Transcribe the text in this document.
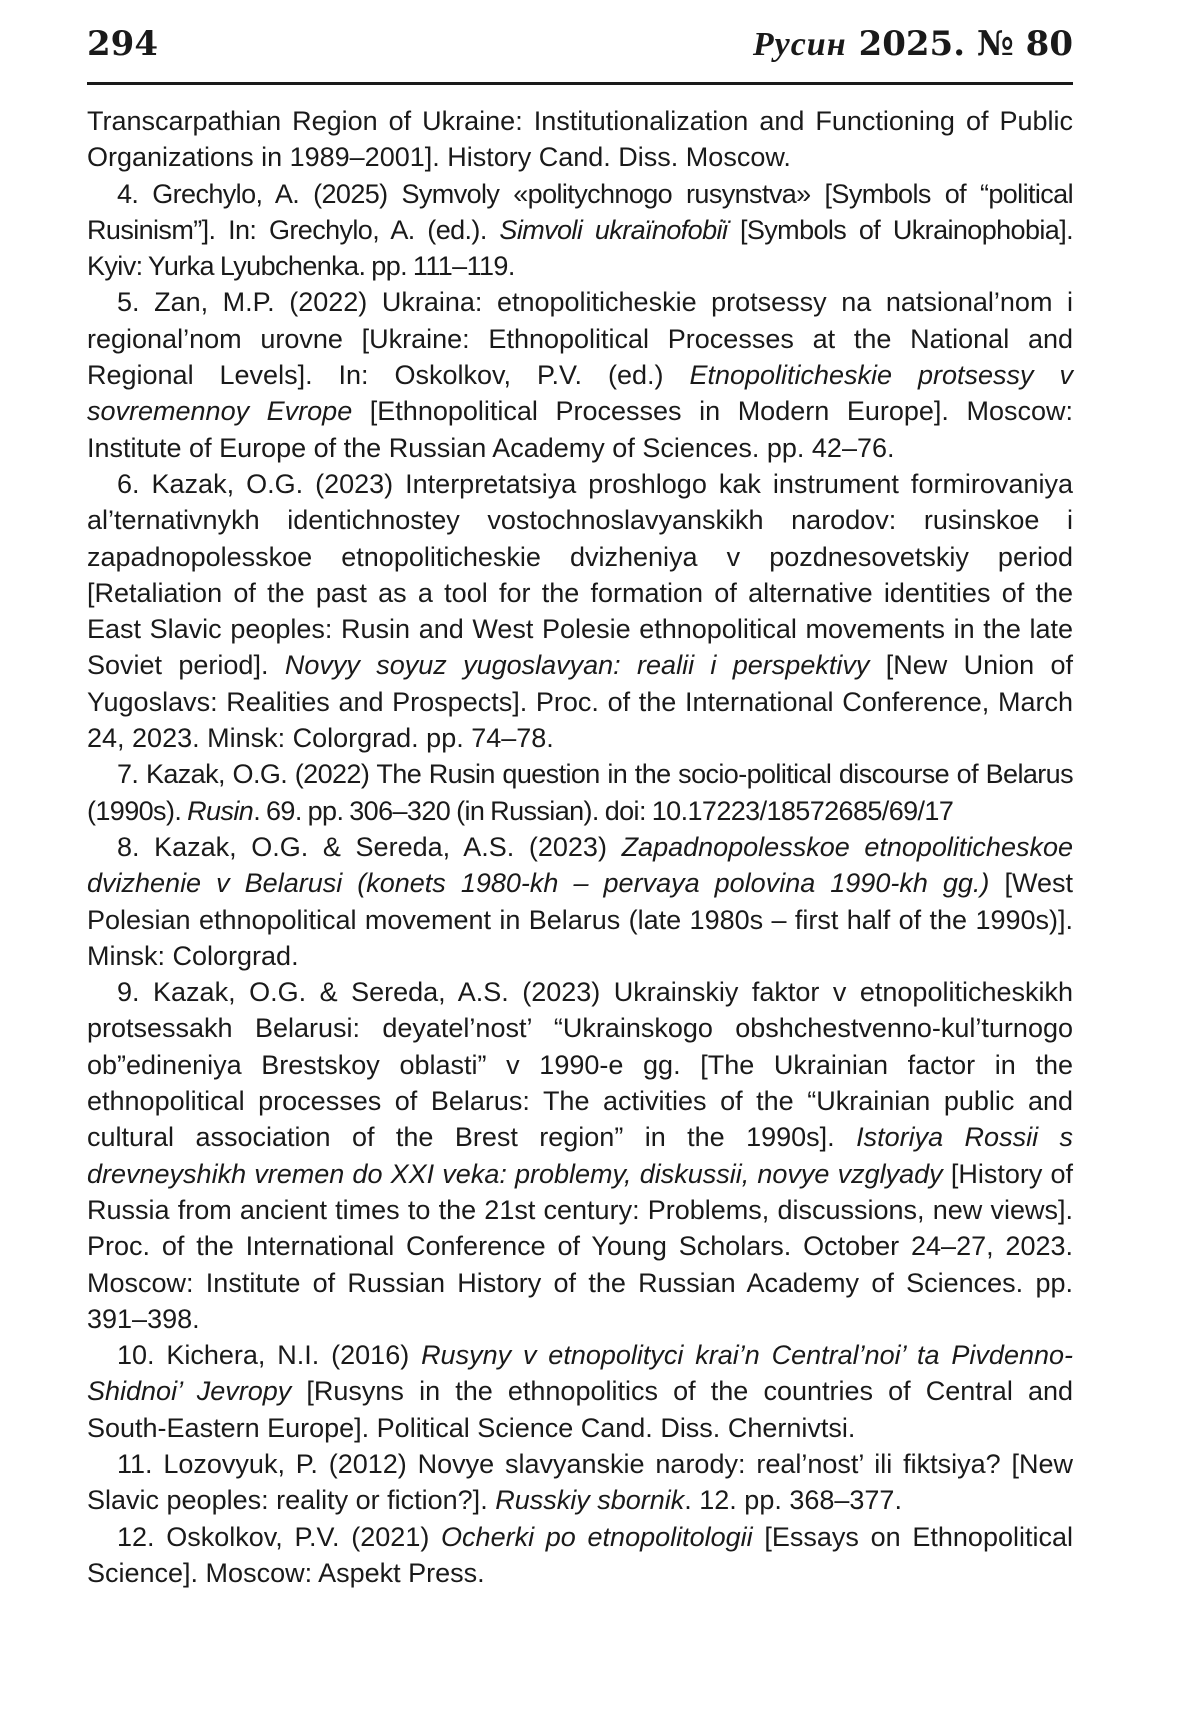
294	Русин 2025. № 80

Transcarpathian Region of Ukraine: Institutionalization and Functioning of Public Organizations in 1989–2001]. History Cand. Diss. Moscow.

4. Grechylo, A. (2025) Symvoly «politychnogo rusynstva» [Symbols of “political Rusinism”]. In: Grechylo, A. (ed.). Simvoli ukraïnofobiї [Symbols of Ukrainophobia]. Kyiv: Yurka Lyubchenka. pp. 111–119.

5. Zan, M.P. (2022) Ukraina: etnopoliticheskie protsessy na natsional’nom i regional’nom urovne [Ukraine: Ethnopolitical Processes at the National and Regional Levels]. In: Oskolkov, P.V. (ed.) Etnopoliticheskie protsessy v sovremennoy Evrope [Ethnopolitical Processes in Modern Europe]. Moscow: Institute of Europe of the Russian Academy of Sciences. pp. 42–76.

6. Kazak, O.G. (2023) Interpretatsiya proshlogo kak instrument formirovaniya al’ternativnykh identichnostey vostochnoslavyanskikh narodov: rusinskoe i zapadnopolesskoe etnopoliticheskie dvizheniya v pozdnesovetskiy period [Retaliation of the past as a tool for the formation of alternative identities of the East Slavic peoples: Rusin and West Polesie ethnopolitical movements in the late Soviet period]. Novyy soyuz yugoslavyan: realii i perspektivy [New Union of Yugoslavs: Realities and Prospects]. Proc. of the International Conference, March 24, 2023. Minsk: Colorgrad. pp. 74–78.

7. Kazak, O.G. (2022) The Rusin question in the socio-political discourse of Belarus (1990s). Rusin. 69. pp. 306–320 (in Russian). doi: 10.17223/18572685/69/17

8. Kazak, O.G. & Sereda, A.S. (2023) Zapadnopolesskoe etnopoliticheskoe dvizhenie v Belarusi (konets 1980-kh – pervaya polovina 1990-kh gg.) [West Polesian ethnopolitical movement in Belarus (late 1980s – first half of the 1990s)]. Minsk: Colorgrad.

9. Kazak, O.G. & Sereda, A.S. (2023) Ukrainskiy faktor v etnopoliticheskikh protsessakh Belarusi: deyatel’nost’ “Ukrainskogo obshchestvenno-kul’turnogo ob”edineniya Brestskoy oblasti” v 1990-e gg. [The Ukrainian factor in the ethnopolitical processes of Belarus: The activities of the “Ukrainian public and cultural association of the Brest region” in the 1990s]. Istoriya Rossii s drevneyshikh vremen do XXI veka: problemy, diskussii, novye vzglyady [History of Russia from ancient times to the 21st century: Problems, discussions, new views]. Proc. of the International Conference of Young Scholars. October 24–27, 2023. Moscow: Institute of Russian History of the Russian Academy of Sciences. pp. 391–398.

10. Kichera, N.I. (2016) Rusyny v etnopolityci krai’n Central’noi’ ta Pivdenno-Shidnoi’ Jevropy [Rusyns in the ethnopolitics of the countries of Central and South-Eastern Europe]. Political Science Cand. Diss. Chernivtsi.

11. Lozovyuk, P. (2012) Novye slavyanskie narody: real’nost’ ili fiktsiya? [New Slavic peoples: reality or fiction?]. Russkiy sbornik. 12. pp. 368–377.

12. Oskolkov, P.V. (2021) Ocherki po etnopolitologii [Essays on Ethnopolitical Science]. Moscow: Aspekt Press.
